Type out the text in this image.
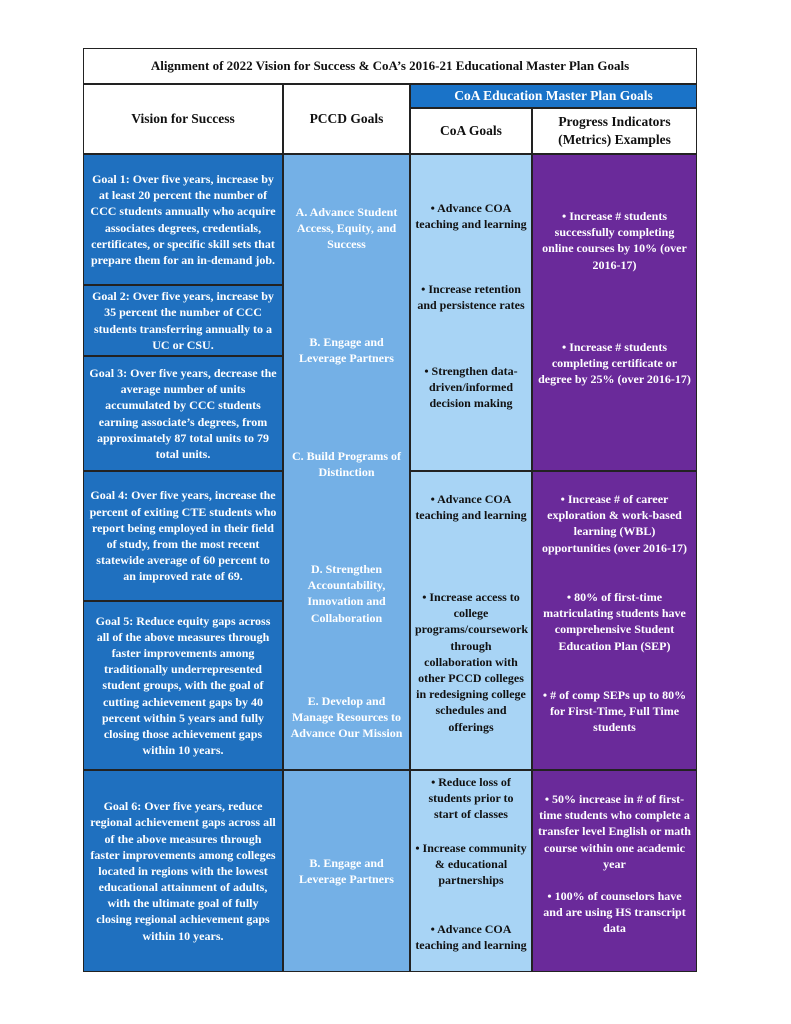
Alignment of 2022 Vision for Success & CoA’s 2016-21 Educational Master Plan Goals
Vision for Success	PCCD Goals
CoA Education Master Plan Goals
CoA Goals
Progress Indicators (Metrics) Examples
Goal 1: Over five years, increase by at least 20 percent the number of CCC students annually who acquire associates degrees, credentials, certificates, or specific skill sets that prepare them for an in-demand job.
Goal 2: Over five years, increase by 35 percent the number of CCC students transferring annually to a UC or CSU.
Goal 3: Over five years, decrease the average number of units accumulated by CCC students earning associate’s degrees, from approximately 87 total units to 79 total units.
Goal 4: Over five years, increase the percent of exiting CTE students who report being employed in their field of study, from the most recent statewide average of 60 percent to an improved rate of 69.
Goal 5: Reduce equity gaps across all of the above measures through faster improvements among traditionally underrepresented student groups, with the goal of cutting achievement gaps by 40 percent within 5 years and fully closing those achievement gaps within 10 years.
Goal 6: Over five years, reduce regional achievement gaps across all of the above measures through faster improvements among colleges located in regions with the lowest educational attainment of adults, with the ultimate goal of fully closing regional achievement gaps within 10 years.
A. Advance Student Access, Equity, and Success
B. Engage and Leverage Partners
C. Build Programs of Distinction
D. Strengthen Accountability, Innovation and Collaboration
E. Develop and Manage Resources to Advance Our Mission
B. Engage and Leverage Partners
• Advance COA teaching and learning
• Increase retention and persistence rates
• Strengthen data-driven/informed decision making
• Advance COA teaching and learning
• Increase access to college programs/coursework through collaboration with other PCCD colleges in redesigning college schedules and offerings
• Reduce loss of students prior to start of classes
• Increase community & educational partnerships
• Advance COA teaching and learning
• Increase # students successfully completing online courses by 10% (over 2016-17)
• Increase # students completing certificate or degree by 25% (over 2016-17)
• Increase # of career exploration & work-based learning (WBL) opportunities (over 2016-17)
• 80% of first-time matriculating students have comprehensive Student Education Plan (SEP)
• # of comp SEPs up to 80% for First-Time, Full Time students
• 50% increase in # of first-time students who complete a transfer level English or math course within one academic year
• 100% of counselors have and are using HS transcript data
